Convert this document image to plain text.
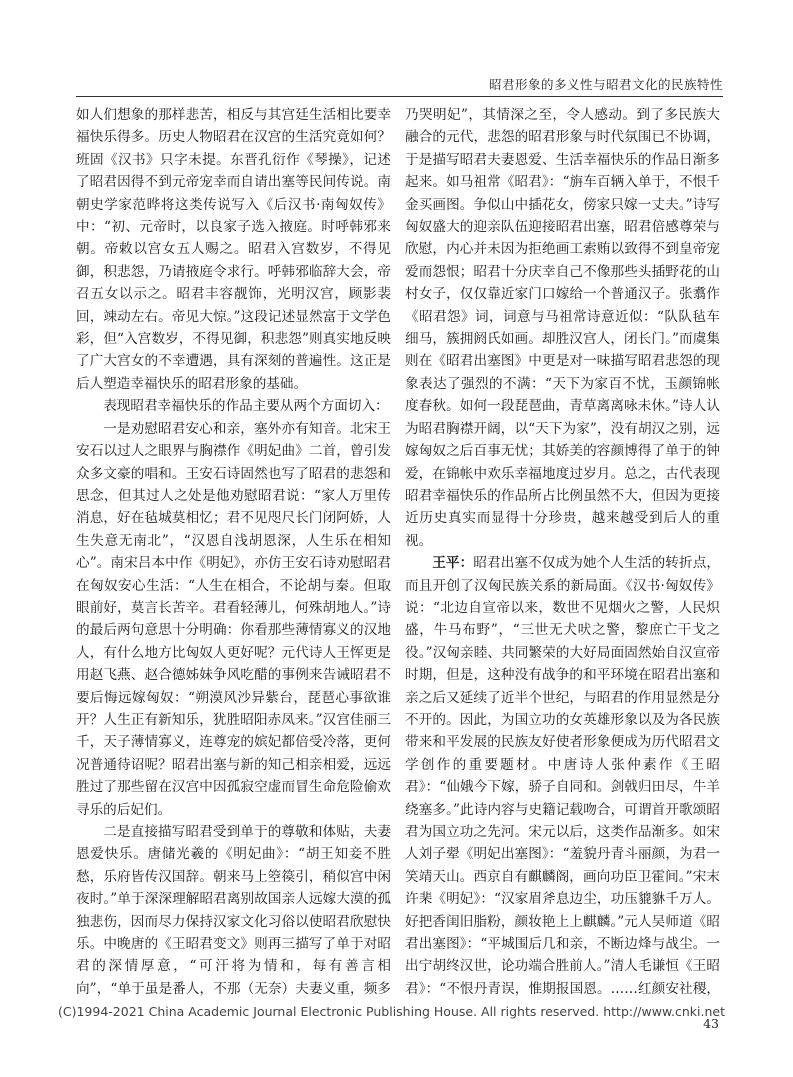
昭君形象的多义性与昭君文化的民族特性

如人们想象的那样悲苦，相反与其宫廷生活相比要幸福快乐得多。历史人物昭君在汉宫的生活究竟如何？班固《汉书》只字未提。东晋孔衍作《琴操》，记述了昭君因得不到元帝宠幸而自请出塞等民间传说。南朝史学家范晔将这类传说写入《后汉书·南匈奴传》中：“初、元帝时，以良家子选入掖庭。时呼韩邪来朝。帝敕以宫女五人赐之。昭君入宫数岁，不得见御，积悲怨，乃请掖庭令求行。呼韩邪临辞大会，帝召五女以示之。昭君丰容靓饰，光明汉宫，顾影裴回，竦动左右。帝见大惊。”这段记述显然富于文学色彩，但“入宫数岁，不得见御，积悲怨”则真实地反映了广大宫女的不幸遭遇，具有深刻的普遍性。这正是后人塑造幸福快乐的昭君形象的基础。

表现昭君幸福快乐的作品主要从两个方面切入：

一是劝慰昭君安心和亲，塞外亦有知音。北宋王安石以过人之眼界与胸襟作《明妃曲》二首，曾引发众多文豪的唱和。王安石诗固然也写了昭君的悲怨和思念，但其过人之处是他劝慰昭君说：“家人万里传消息，好在毡城莫相忆；君不见咫尺长门闭阿娇，人生失意无南北”，“汉恩自浅胡恩深，人生乐在相知心”。南宋吕本中作《明妃》，亦仿王安石诗劝慰昭君在匈奴安心生活：“人生在相合，不论胡与秦。但取眼前好，莫言长苦辛。君看轻薄儿，何殊胡地人。”诗的最后两句意思十分明确：你看那些薄情寡义的汉地人，有什么地方比匈奴人更好呢？元代诗人王恽更是用赵飞燕、赵合德姊妹争风吃醋的事例来告诫昭君不要后悔远嫁匈奴：“朔漠风沙异紫台，琵琶心事欲谁开？人生正有新知乐，犹胜昭阳赤凤来。”汉宫佳丽三千，天子薄情寡义，连尊宠的嫔妃都倍受冷落，更何况普通待诏呢？昭君出塞与新的知己相亲相爱，远远胜过了那些留在汉宫中因孤寂空虚而冒生命危险偷欢寻乐的后妃们。

二是直接描写昭君受到单于的尊敬和体贴，夫妻恩爱快乐。唐储光羲的《明妃曲》：“胡王知妾不胜愁，乐府皆传汉国辞。朝来马上箜篌引，稍似宫中闲夜时。”单于深深理解昭君离别故国亲人远嫁大漠的孤独悲伤，因而尽力保持汉家文化习俗以使昭君欣慰快乐。中晚唐的《王昭君变文》则再三描写了单于对昭君的深情厚意，“可汗将为情和，每有善言相向”，“单于虽是番人，不那（无奈）夫妻义重，频多

乃哭明妃”，其情深之至，令人感动。到了多民族大融合的元代，悲怨的昭君形象与时代氛围已不协调，于是描写昭君夫妻恩爱、生活幸福快乐的作品日渐多起来。如马祖常《昭君》：“旃车百辆入单于，不恨千金买画图。争似山中插花女，傍家只嫁一丈夫。”诗写匈奴盛大的迎亲队伍迎接昭君出塞，昭君倍感尊荣与欣慰，内心并未因为拒绝画工索贿以致得不到皇帝宠爱而怨恨；昭君十分庆幸自己不像那些头插野花的山村女子，仅仅靠近家门口嫁给一个普通汉子。张翥作《昭君怨》词，词意与马祖常诗意近似：“队队毡车细马，簇拥阏氏如画。却胜汉宫人，闭长门。”而虞集则在《昭君出塞图》中更是对一味描写昭君悲怨的现象表达了强烈的不满：“天下为家百不忧，玉颜锦帐度春秋。如何一段琵琶曲，青草离离咏未休。”诗人认为昭君胸襟开阔，以“天下为家”，没有胡汉之别，远嫁匈奴之后百事无忧；其娇美的容颜博得了单于的钟爱，在锦帐中欢乐幸福地度过岁月。总之，古代表现昭君幸福快乐的作品所占比例虽然不大，但因为更接近历史真实而显得十分珍贵，越来越受到后人的重视。

王平：昭君出塞不仅成为她个人生活的转折点，而且开创了汉匈民族关系的新局面。《汉书·匈奴传》说：“北边自宣帝以来，数世不见烟火之警，人民炽盛，牛马布野”，“三世无犬吠之警，黎庶亡干戈之役。”汉匈亲睦、共同繁荣的大好局面固然始自汉宣帝时期，但是，这种没有战争的和平环境在昭君出塞和亲之后又延续了近半个世纪，与昭君的作用显然是分不开的。因此，为国立功的女英雄形象以及为各民族带来和平发展的民族友好使者形象便成为历代昭君文学创作的重要题材。中唐诗人张仲素作《王昭君》：“仙娥今下嫁，骄子自同和。剑戟归田尽，牛羊绕塞多。”此诗内容与史籍记载吻合，可谓首开歌颂昭君为国立功之先河。宋元以后，这类作品渐多。如宋人刘子翚《明妃出塞图》：“羞貌丹青斗丽颜，为君一笑靖天山。西京自有麒麟阁，画向功臣卫霍间。”宋末许棐《明妃》：“汉家眉斧息边尘，功压貔貅千万人。好把香闺旧脂粉，颜妆艳上上麒麟。”元人吴师道《昭君出塞图》：“平城围后几和亲，不断边烽与战尘。一出宁胡终汉世，论功端合胜前人。”清人毛谦恒《王昭君》：“不恨丹青误，惟期报国恩。……红颜安社稷，

(C)1994-2021 China Academic Journal Electronic Publishing House. All rights reserved. http://www.cnki.net
43
